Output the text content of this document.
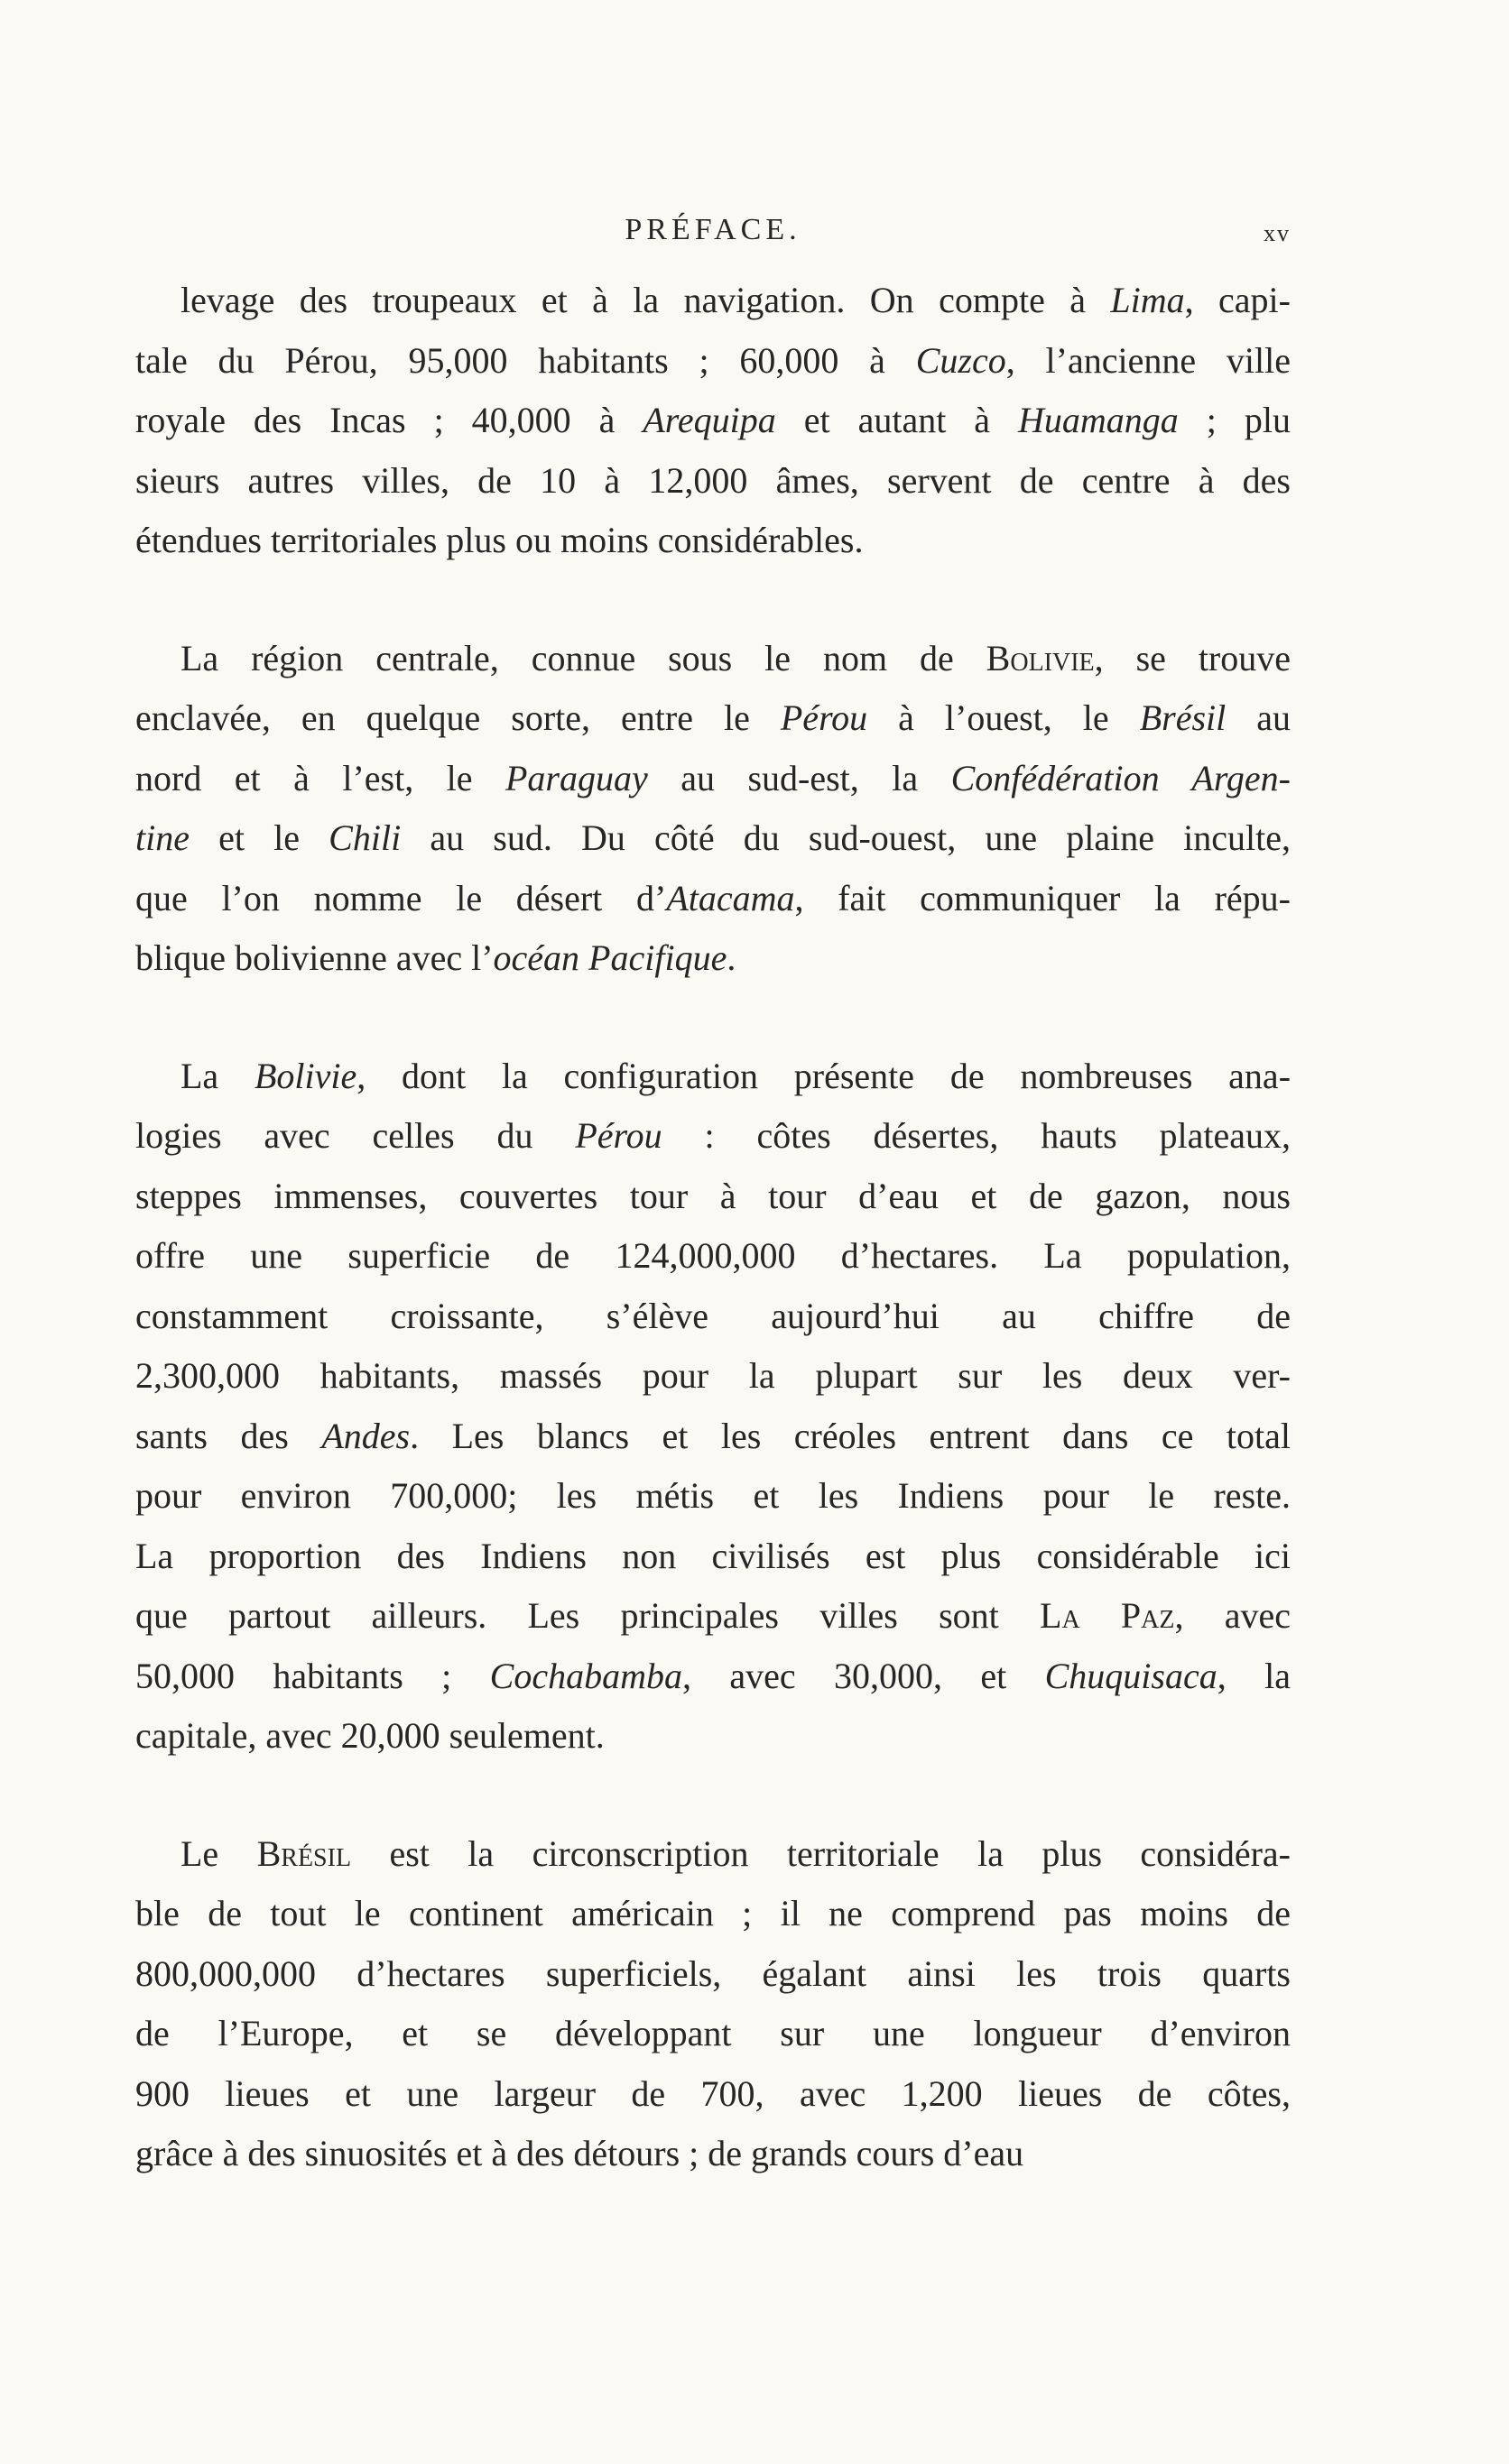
PRÉFACE.	xv

levage des troupeaux et à la navigation. On compte à Lima, capi-
tale du Pérou, 95,000 habitants ; 60,000 à Cuzco, l’ancienne ville
royale des Incas ; 40,000 à Arequipa et autant à Huamanga ; plu
sieurs autres villes, de 10 à 12,000 âmes, servent de centre à des
étendues territoriales plus ou moins considérables.

La région centrale, connue sous le nom de Bolivie, se trouve
enclavée, en quelque sorte, entre le Pérou à l’ouest, le Brésil au
nord et à l’est, le Paraguay au sud-est, la Confédération Argen-
tine et le Chili au sud. Du côté du sud-ouest, une plaine inculte,
que l’on nomme le désert d’Atacama, fait communiquer la répu-
blique bolivienne avec l’océan Pacifique.

La Bolivie, dont la configuration présente de nombreuses ana-
logies avec celles du Pérou : côtes désertes, hauts plateaux,
steppes immenses, couvertes tour à tour d’eau et de gazon, nous
offre une superficie de 124,000,000 d’hectares. La population,
constamment croissante, s’élève aujourd’hui au chiffre de
2,300,000 habitants, massés pour la plupart sur les deux ver-
sants des Andes. Les blancs et les créoles entrent dans ce total
pour environ 700,000; les métis et les Indiens pour le reste.
La proportion des Indiens non civilisés est plus considérable ici
que partout ailleurs. Les principales villes sont La Paz, avec
50,000 habitants ; Cochabamba, avec 30,000, et Chuquisaca, la
capitale, avec 20,000 seulement.

Le Brésil est la circonscription territoriale la plus considéra-
ble de tout le continent américain ; il ne comprend pas moins de
800,000,000 d’hectares superficiels, égalant ainsi les trois quarts
de l’Europe, et se développant sur une longueur d’environ
900 lieues et une largeur de 700, avec 1,200 lieues de côtes,
grâce à des sinuosités et à des détours ; de grands cours d’eau
